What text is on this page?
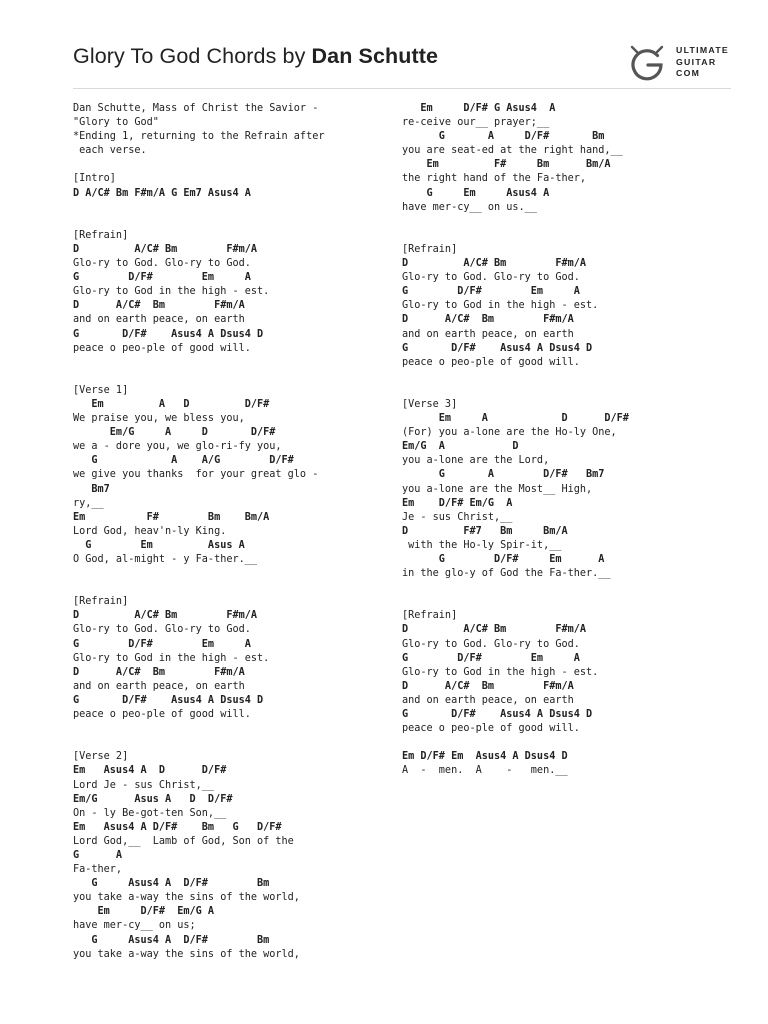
Glory To God Chords by Dan Schutte	ULTIMATE
GUITAR
COM
Dan Schutte, Mass of Christ the Savior -
"Glory to God"
*Ending 1, returning to the Refrain after
each verse.
[Intro]
D A/C# Bm F#m/A G Em7 Asus4 A
[Refrain]
D         A/C# Bm        F#m/A
Glo-ry to God. Glo-ry to God.
G        D/F#        Em     A
Glo-ry to God in the high - est.
D      A/C#  Bm        F#m/A
and on earth peace, on earth
G       D/F#    Asus4 A Dsus4 D
peace o peo-ple of good will.
[Verse 1]
Em         A   D         D/F#
We praise you, we bless you,
Em/G     A     D       D/F#
we a - dore you, we glo-ri-fy you,
G            A    A/G        D/F#
we give you thanks  for your great glo -
Bm7
ry,__
Em          F#        Bm    Bm/A
Lord God, heav'n-ly King.
G        Em         Asus A
O God, al-might - y Fa-ther.__
[Refrain]
D         A/C# Bm        F#m/A
Glo-ry to God. Glo-ry to God.
G        D/F#        Em     A
Glo-ry to God in the high - est.
D      A/C#  Bm        F#m/A
and on earth peace, on earth
G       D/F#    Asus4 A Dsus4 D
peace o peo-ple of good will.
[Verse 2]
Em   Asus4 A  D      D/F#
Lord Je - sus Christ,__
Em/G      Asus A   D  D/F#
On - ly Be-got-ten Son,__
Em   Asus4 A D/F#    Bm   G   D/F#
Lord God,__  Lamb of God, Son of the
G      A
Fa-ther,
G     Asus4 A  D/F#        Bm
you take a-way the sins of the world,
Em     D/F#  Em/G A
have mer-cy__ on us;
G     Asus4 A  D/F#        Bm
you take a-way the sins of the world,
Em     D/F# G Asus4  A
re-ceive our__ prayer;__
G       A     D/F#       Bm
you are seat-ed at the right hand,__
Em         F#     Bm      Bm/A
the right hand of the Fa-ther,
G     Em     Asus4 A
have mer-cy__ on us.__
[Refrain]
D         A/C# Bm        F#m/A
Glo-ry to God. Glo-ry to God.
G        D/F#        Em     A
Glo-ry to God in the high - est.
D      A/C#  Bm        F#m/A
and on earth peace, on earth
G       D/F#    Asus4 A Dsus4 D
peace o peo-ple of good will.
[Verse 3]
Em     A            D      D/F#
(For) you a-lone are the Ho-ly One,
Em/G  A           D
you a-lone are the Lord,
G       A        D/F#   Bm7
you a-lone are the Most__ High,
Em    D/F# Em/G  A
Je - sus Christ,__
D         F#7   Bm     Bm/A
with the Ho-ly Spir-it,__
G        D/F#     Em      A
in the glo-y of God the Fa-ther.__
[Refrain]
D         A/C# Bm        F#m/A
Glo-ry to God. Glo-ry to God.
G        D/F#        Em     A
Glo-ry to God in the high - est.
D      A/C#  Bm        F#m/A
and on earth peace, on earth
G       D/F#    Asus4 A Dsus4 D
peace o peo-ple of good will.
Em D/F# Em  Asus4 A Dsus4 D
A  -  men.  A    -   men.__
